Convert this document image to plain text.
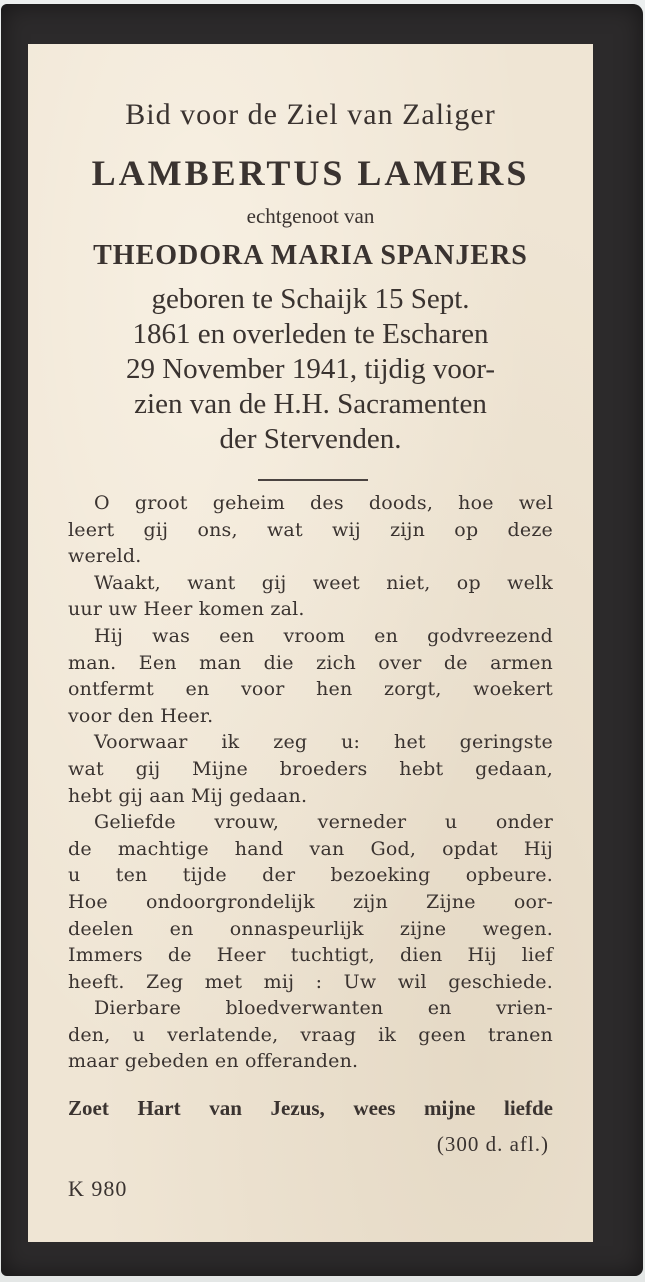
Bid voor de Ziel van Zaliger
LAMBERTUS LAMERS
echtgenoot van
THEODORA MARIA SPANJERS
geboren te Schaijk 15 Sept.
1861 en overleden te Escharen
29 November 1941, tijdig voor-
zien van de H.H. Sacramenten
der Stervenden.
O groot geheim des doods, hoe wel
leert gij ons, wat wij zijn op deze
wereld.
Waakt, want gij weet niet, op welk
uur uw Heer komen zal.
Hij was een vroom en godvreezend
man. Een man die zich over de armen
ontfermt en voor hen zorgt, woekert
voor den Heer.
Voorwaar ik zeg u: het geringste
wat gij Mijne broeders hebt gedaan,
hebt gij aan Mij gedaan.
Geliefde vrouw, verneder u onder
de machtige hand van God, opdat Hij
u ten tijde der bezoeking opbeure.
Hoe ondoorgrondelijk zijn Zijne oor-
deelen en onnaspeurlijk zijne wegen.
Immers de Heer tuchtigt, dien Hij lief
heeft. Zeg met mij : Uw wil geschiede.
Dierbare bloedverwanten en vrien-
den, u verlatende, vraag ik geen tranen
maar gebeden en offeranden.
Zoet Hart van Jezus, wees mijne liefde
(300 d. afl.)
K 980
